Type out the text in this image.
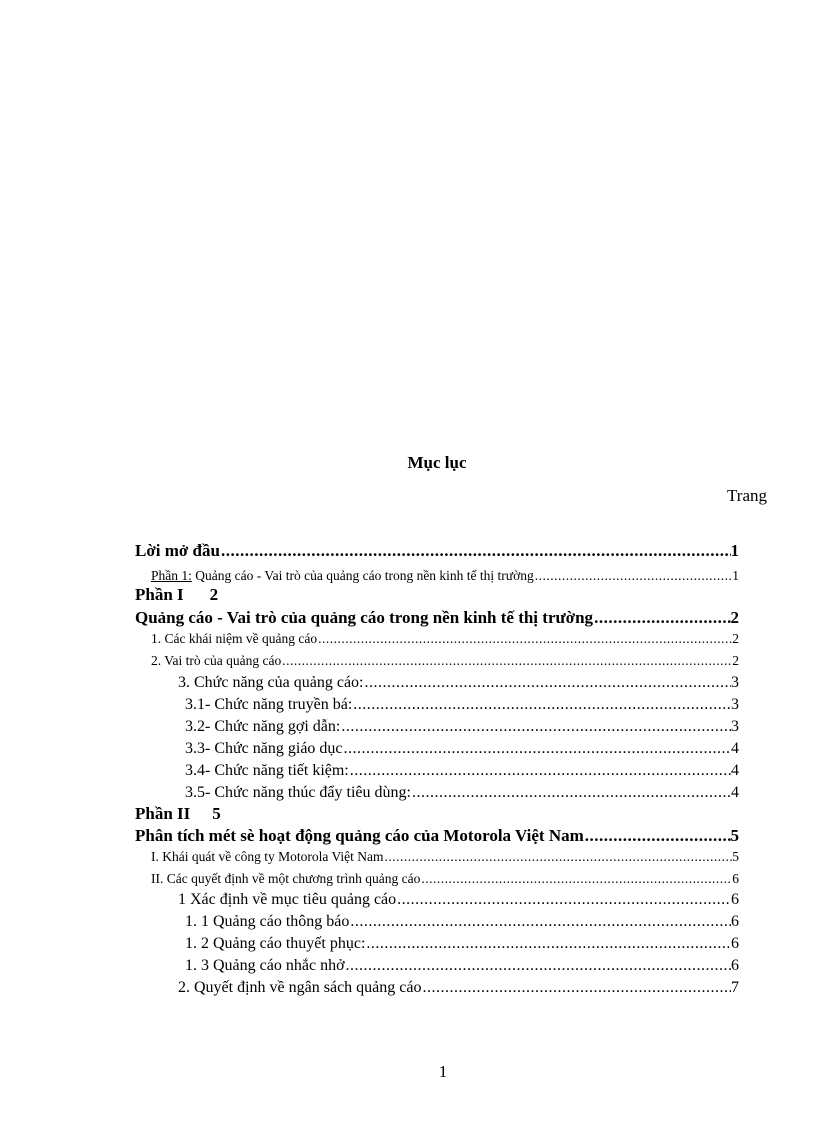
Mục lục
Trang
Lời mở đầu .....	1
Phần 1: Quảng cáo - Vai trò của quảng cáo trong nền kinh tế thị trường .....	1
Phần I 2
Quảng cáo - Vai trò của quảng cáo trong nền kinh tế thị trường .....	2
1. Các khái niệm về quảng cáo .....	2
2. Vai trò của quảng cáo .....	2
3. Chức năng của quảng cáo: .....	3
3.1- Chức năng truyền bá: .....	3
3.2- Chức năng gợi dẫn: .....	3
3.3- Chức năng giáo dục .....	4
3.4- Chức năng tiết kiệm: .....	4
3.5- Chức năng thúc đẩy tiêu dùng: .....	4
Phần II 5
Phân tích mét sè hoạt động quảng cáo của Motorola Việt Nam .....	5
I. Khái quát về công ty Motorola Việt Nam .....	5
II. Các quyết định về một chương trình quảng cáo .....	6
1 Xác định về mục tiêu quảng cáo .....	6
1. 1 Quảng cáo thông báo .....	6
1. 2 Quảng cáo thuyết phục: .....	6
1. 3 Quảng cáo nhắc nhở .....	6
2. Quyết định về ngân sách quảng cáo .....	7
1
